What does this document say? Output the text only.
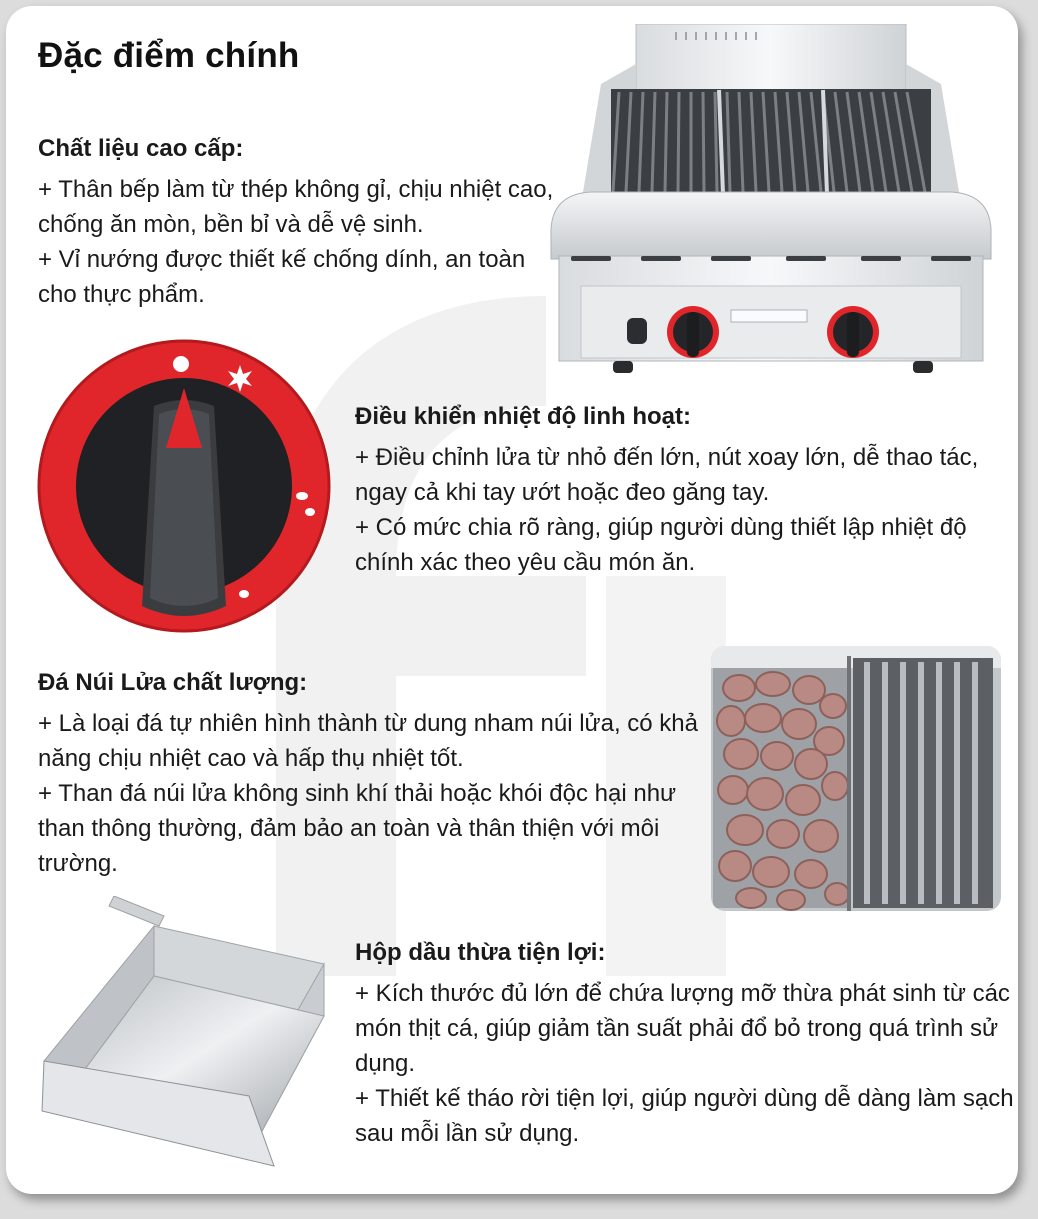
Đặc điểm chính
Chất liệu cao cấp:

+ Thân bếp làm từ thép không gỉ, chịu nhiệt cao, chống ăn mòn, bền bỉ và dễ vệ sinh.

+ Vỉ nướng được thiết kế chống dính, an toàn cho thực phẩm.

Điều khiển nhiệt độ linh hoạt:

+ Điều chỉnh lửa từ nhỏ đến lớn, nút xoay lớn, dễ thao tác, ngay cả khi tay ướt hoặc đeo găng tay.

+ Có mức chia rõ ràng, giúp người dùng thiết lập nhiệt độ chính xác theo yêu cầu món ăn.

Đá Núi Lửa chất lượng:

+ Là loại đá tự nhiên hình thành từ dung nham núi lửa, có khả năng chịu nhiệt cao và hấp thụ nhiệt tốt.

+ Than đá núi lửa không sinh khí thải hoặc khói độc hại như than thông thường, đảm bảo an toàn và thân thiện với môi trường.

Hộp dầu thừa tiện lợi:

+ Kích thước đủ lớn để chứa lượng mỡ thừa phát sinh từ các món thịt cá, giúp giảm tần suất phải đổ bỏ trong quá trình sử dụng.

+ Thiết kế tháo rời tiện lợi, giúp người dùng dễ dàng làm sạch sau mỗi lần sử dụng.
